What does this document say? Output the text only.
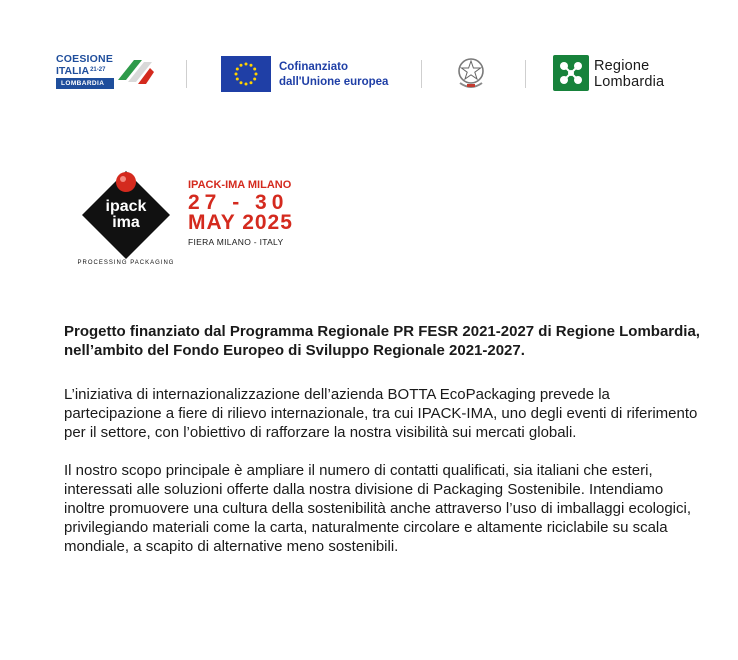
COESIONE
ITALIA$^{21-27}$
LOMBARDIA
Cofinanziato
dall'Unione europea
Regione
Lombardia
ipack
ima
PROCESSING PACKAGING
IPACK-IMA MILANO
27 - 30
MAY 2025
FIERA MILANO - ITALY

Progetto finanziato dal Programma Regionale PR FESR 2021-2027 di Regione Lombardia, nell’ambito del Fondo Europeo di Sviluppo Regionale 2021-2027.

L’iniziativa di internazionalizzazione dell’azienda BOTTA EcoPackaging prevede la partecipazione a fiere di rilievo internazionale, tra cui IPACK-IMA, uno degli eventi di riferimento per il settore, con l’obiettivo di rafforzare la nostra visibilità sui mercati globali.

Il nostro scopo principale è ampliare il numero di contatti qualificati, sia italiani che esteri, interessati alle soluzioni offerte dalla nostra divisione di Packaging Sostenibile. Intendiamo inoltre promuovere una cultura della sostenibilità anche attraverso l’uso di imballaggi ecologici, privilegiando materiali come la carta, naturalmente circolare e altamente riciclabile su scala mondiale, a scapito di alternative meno sostenibili.
